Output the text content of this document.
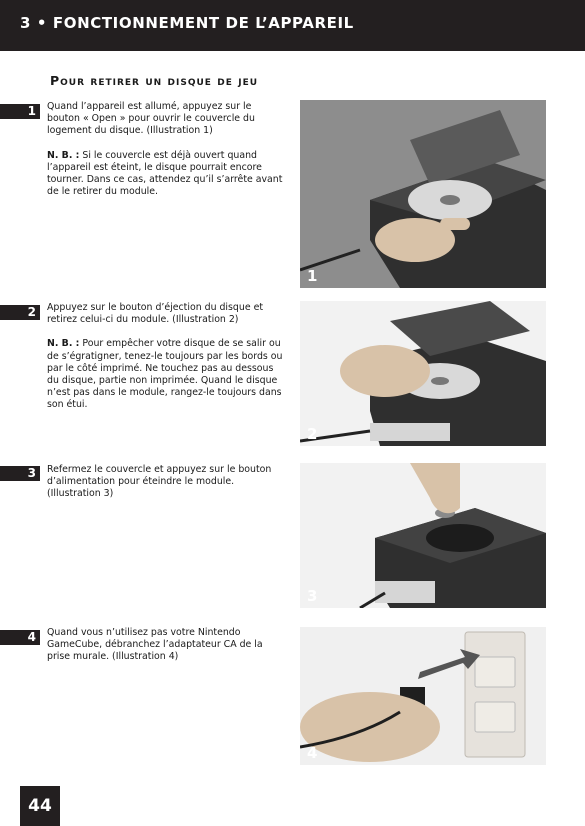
3 • FONCTIONNEMENT DE L’APPAREIL
Pour retirer un disque de jeu
1 Quand l’appareil est allumé, appuyez sur le bouton « Open » pour ouvrir le couvercle du logement du disque. (Illustration 1)

N. B. : Si le couvercle est déjà ouvert quand l’appareil est éteint, le disque pourrait encore tourner. Dans ce cas, attendez qu’il s’arrête avant de le retirer du module.

1
2 Appuyez sur le bouton d’éjection du disque et retirez celui-ci du module. (Illustration 2)

N. B. : Pour empêcher votre disque de se salir ou de s’égratigner, tenez-le toujours par les bords ou par le côté imprimé. Ne touchez pas au dessous du disque, partie non imprimée. Quand le disque n’est pas dans le module, rangez-le toujours dans son étui.

2
3 Refermez le couvercle et appuyez sur le bouton d’alimentation pour éteindre le module. (Illustration 3)

3
4 Quand vous n’utilisez pas votre Nintendo GameCube, débranchez l’adaptateur CA de la prise murale. (Illustration 4)

4
44
